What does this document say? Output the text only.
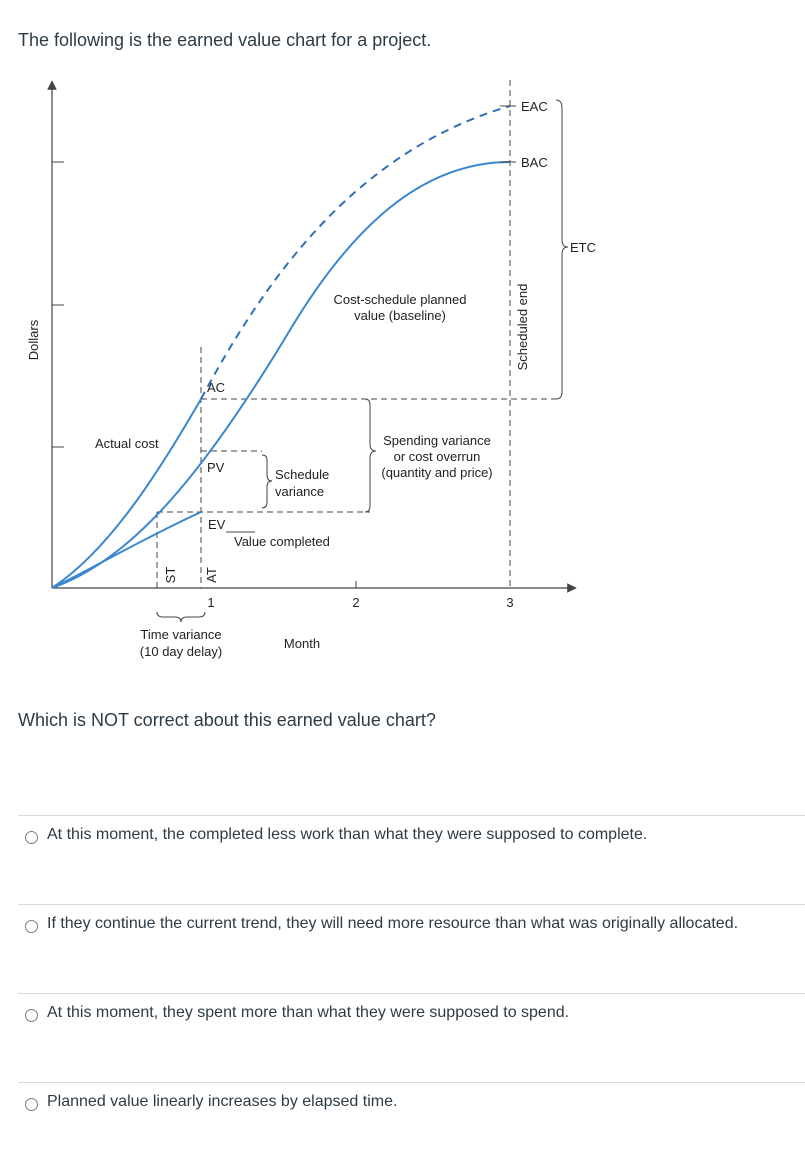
The following is the earned value chart for a project.
Dollars	Scheduled end
EAC
BAC
ETC
Cost-schedule planned
value (baseline)
AC
Actual cost	Spending variance
or cost overrun
(quantity and price)
PV	Schedule
variance
EV
Value completed
ST AT
1	2	3
Time variance
(10 day delay)
Month
Which is NOT correct about this earned value chart?
At this moment, the completed less work than what they were supposed to complete.
If they continue the current trend, they will need more resource than what was originally allocated.
At this moment, they spent more than what they were supposed to spend.
Planned value linearly increases by elapsed time.
